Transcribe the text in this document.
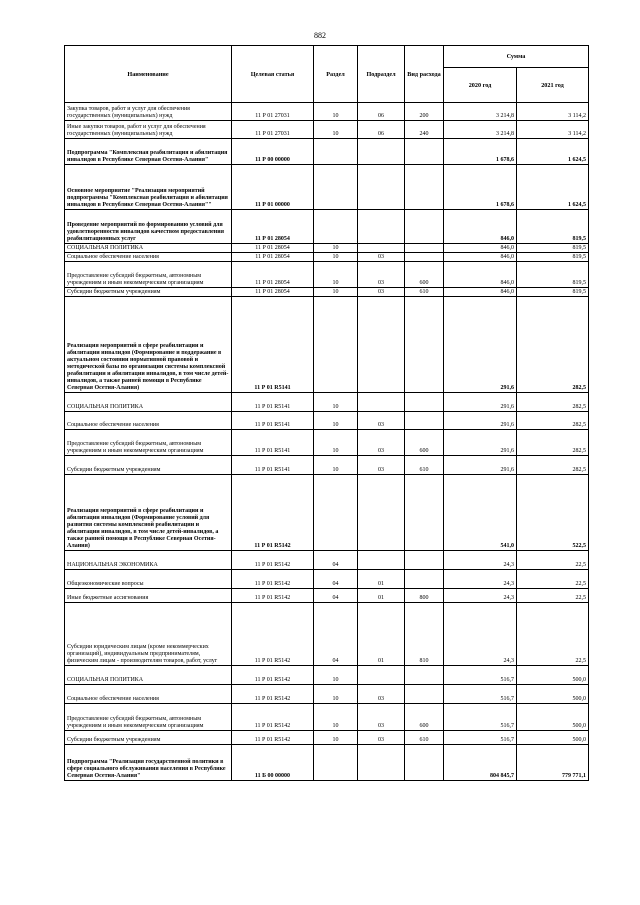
882
Наименование	Целевая статья	Раздел	Подраздел	Вид расхода	Сумма	
					2020 год	2021 год
Закупка товаров, работ и услуг для обеспечения государственных (муниципальных) нужд	11 Р 01 27031	10	06	200	3 214,8	3 114,2
Иные закупки товаров, работ и услуг для обеспечения государственных (муниципальных) нужд	11 Р 01 27031	10	06	240	3 214,8	3 114,2
Подпрограмма "Комплексная реабилитация и абилитация инвалидов в Республике Северная Осетия-Алания"	11 Р 00 00000				1 678,6	1 624,5
Основное мероприятие "Реализация мероприятий подпрограммы "Комплексная реабилитация и абилитация инвалидов в Республике Северная Осетия-Алания""	11 Р 01 00000				1 678,6	1 624,5
Проведение мероприятий по формированию условий для удовлетворенности инвалидов качеством предоставления реабилитационных услуг	11 Р 01 28054				846,0	819,5
СОЦИАЛЬНАЯ ПОЛИТИКА	11 Р 01 28054	10			846,0	819,5
Социальное обеспечение населения	11 Р 01 28054	10	03		846,0	819,5
Предоставление субсидий бюджетным, автономным учреждениям и иным некоммерческим организациям	11 Р 01 28054	10	03	600	846,0	819,5
Субсидии бюджетным учреждениям	11 Р 01 28054	10	03	610	846,0	819,5
Реализация мероприятий в сфере реабилитации и абилитации инвалидов (Формирование и поддержание в актуальном состоянии нормативной правовой и методической базы по организации системы комплексной реабилитации и абилитации инвалидов, в том числе детей-инвалидов, а также ранней помощи в Республике Северная Осетия-Алания)	11 Р 01 R5141				291,6	282,5
СОЦИАЛЬНАЯ ПОЛИТИКА	11 Р 01 R5141	10			291,6	282,5
Социальное обеспечение населения	11 Р 01 R5141	10	03		291,6	282,5
Предоставление субсидий бюджетным, автономным учреждениям и иным некоммерческим организациям	11 Р 01 R5141	10	03	600	291,6	282,5
Субсидии бюджетным учреждениям	11 Р 01 R5141	10	03	610	291,6	282,5
Реализация мероприятий в сфере реабилитации и абилитации инвалидов (Формирование условий для развития системы комплексной реабилитации и абилитации инвалидов, в том числе детей-инвалидов, а также ранней помощи в Республике Северная Осетия-Алания)	11 Р 01 R5142				541,0	522,5
НАЦИОНАЛЬНАЯ ЭКОНОМИКА	11 Р 01 R5142	04			24,3	22,5
Общеэкономические вопросы	11 Р 01 R5142	04	01		24,3	22,5
Иные бюджетные ассигнования	11 Р 01 R5142	04	01	800	24,3	22,5
Субсидии юридическим лицам (кроме некоммерческих организаций), индивидуальным предпринимателям, физическим лицам - производителям товаров, работ, услуг	11 Р 01 R5142	04	01	810	24,3	22,5
СОЦИАЛЬНАЯ ПОЛИТИКА	11 Р 01 R5142	10			516,7	500,0
Социальное обеспечение населения	11 Р 01 R5142	10	03		516,7	500,0
Предоставление субсидий бюджетным, автономным учреждениям и иным некоммерческим организациям	11 Р 01 R5142	10	03	600	516,7	500,0
Субсидии бюджетным учреждениям	11 Р 01 R5142	10	03	610	516,7	500,0
Подпрограмма "Реализация государственной политики в сфере социального обслуживания населения в Республике Северная Осетия-Алания"	11 Б 00 00000				804 845,7	779 771,1
